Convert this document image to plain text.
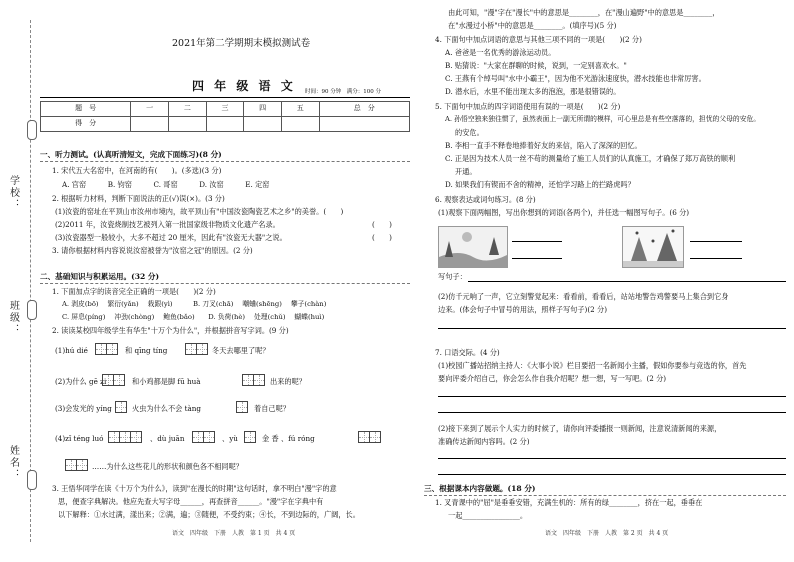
学校：
班级：
姓名：
2021年第二学期期末模拟测试卷
四 年 级 语 文 时间：90 分钟　满分：100 分
题　号	一	二	三	四	五	总　分
得　分						
一、听力测试。(认真听清短文，完成下面练习)(8 分)
1. 宋代五大名窑中，在河南的有(　　)。(多选)(3 分)
A. 官窑　　　B. 钧窑　　　C. 哥窑　　　D. 汝窑　　　E. 定窑
2. 根据听力材料，判断下面说法的正(√)误(×)。(3 分)
(1)汝瓷的窑址在平顶山市汝州市境内，故平顶山有"中国汝瓷陶瓷艺术之乡"的美誉。(　　)
(2)2011 年，汝瓷烧制技艺被列入第一批国家级非物质文化遗产名录。	(　　)
(3)汝瓷器型一般较小，大多不超过 20 厘米，因此有"汝瓷无大器"之说。	(　　)
3. 请你根据材料内容说说汝窑被誉为"汝窑之冠"的原因。(2 分)
二、基础知识与积累运用。(32 分)
1. 下面加点字的读音完全正确的一项是(　　)(2 分)
A. 剥皮(bō)　 繁衍(yǎn)　 栽跟(yì)　　　B. 刀叉(chā)　 嘲蛐(shēng)　 攀子(chàn)
C. 屏息(píng)　 冲劲(chòng)　 鲍鱼(bǎo)　　D. 负荷(hè)　 处理(chǔ)　 蝴蝶(huì)
2. 读读某校四年级学生有华生"十万个为什么"，并根据拼音写字词。(9 分)
(1)hú dié	和 qīng tíng	冬天去哪里了呢？
(2)为什么 gē zi	和小鸡都是脚 fū huà	出来的呢？
(3)会发光的 yíng	火虫为什么不会 tàng	着自己呢？
(4)zǐ téng luó	、dù juān	、yù	金 香 、fú róng
……为什么这些花儿的形状和颜色各不相同呢？
3. 王悟华同学在读《十万个为什么》，读到"在漫长的时期"这句话时，拿不明白"漫"字的意
思，便查字典解决。他应先查大写字母______，再查拼音______。"漫"字在字典中有
以下解释：①水过满，漾出来；②满，遍；③随便，不受约束；④长，不到边际的，广阔，长。
语文　四年级　下册　人教　第 1 页　共 4 页
由此可知，"漫"字在"漫长"中的意思是________，在"漫山遍野"中的意思是________，
在"水漫过小桥"中的意思是________。(填序号)(5 分)
4. 下面句中加点词语的意思与其他三项不同的一项是(　　)(2 分)
A. 爸爸是一名优秀的游泳运动员。
B. 贴猜说："大家在群聊的时候，说到，一定别喜欢水。"
C. 王燕有个绰号叫"水中小霸王"，因为他不光游泳速度快，潜水技能也非常厉害。
D. 潜水后，水里不能出现太多的泡泡，那是很错误的。
5. 下面句中加点的四字词语使用有误的一项是(　　)(2 分)
A. 孙悟空独来独往惯了，虽然表面上一副无所谓的模样，可心里总是有些空落落的，担忧的父母的安危。
的安危。
B. 李相一直手不释卷地捧着好友的来信，陷入了深深的回忆。
C. 正是因为技术人员一丝不苟的测量给了施工人员们的认真施工，才确保了郑万高铁的顺利
开通。
D. 如果我们有锲而不舍的精神，还怕学习路上的拦路虎吗？
6. 观察表达或词句练习。(8 分)
(1)观察下面两幅图，写出你想到的词语(各两个)，并任选一幅图写句子。(6 分)
写句子：
(2)仿千元响了一声，它立刻警觉起来：看看前，看看后，站站地警告鸡警要马上集合到它身
边来。(体会句子中冒号的用法，照样子写句子)(2 分)
7. 口语交际。(4 分)
(1)校园广播站招纳主持人：《大事小说》栏目要招一名新闻小主播，假如你要参与竞选的你，首先
要向评委介绍自己，你会怎么作自我介绍呢？想一想，写一写吧。(2 分)
(2)接下来到了展示个人实力的时候了，请你向评委播报一则新闻，注意说清新闻的来源，
准确传达新闻内容吗。(2 分)
三、根据课本内容做题。(18 分)
1. 叉青课中的"屈"是垂垂安错，充满生机的：所有的绿________，挤在一起，垂垂在
一起________________。
语文　四年级　下册　人教　第 2 页　共 4 页
